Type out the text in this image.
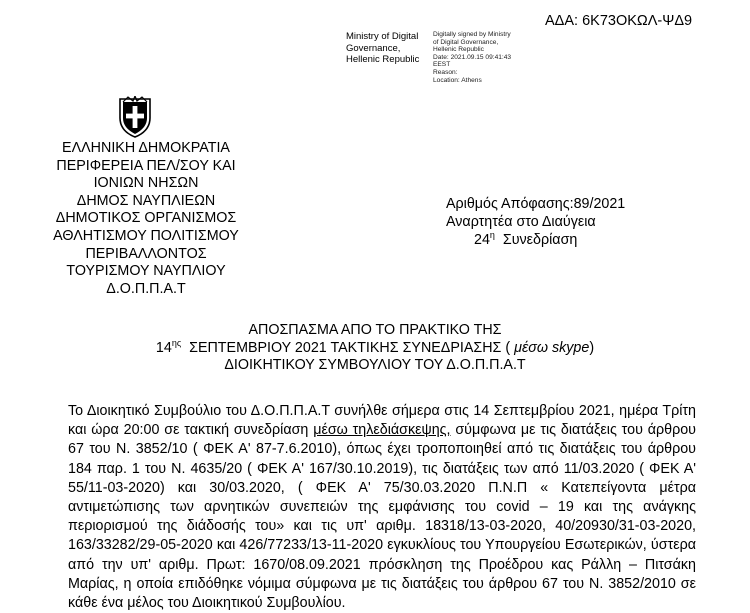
Ministry of Digital
Governance,
Hellenic Republic
Digitally signed by Ministry
of Digital Governance,
Hellenic Republic
Date: 2021.09.15 09:41:43
EEST
Reason:
Location: Athens
ΑΔΑ: 6Κ73ΟΚΩΛ-ΨΔ9
ΕΛΛΗΝΙΚΗ ΔΗΜΟΚΡΑΤΙΑ
ΠΕΡΙΦΕΡΕΙΑ ΠΕΛ/ΣΟΥ ΚΑΙ
ΙΟΝΙΩΝ ΝΗΣΩΝ
ΔΗΜΟΣ ΝΑΥΠΛΙΕΩΝ
ΔΗΜΟΤΙΚΟΣ ΟΡΓΑΝΙΣΜΟΣ
ΑΘΛΗΤΙΣΜΟΥ ΠΟΛΙΤΙΣΜΟΥ
ΠΕΡΙΒΑΛΛΟΝΤΟΣ
ΤΟΥΡΙΣΜΟΥ ΝΑΥΠΛΙΟΥ
Δ.Ο.Π.Π.Α.Τ
Αριθμός Απόφασης:89/2021
Αναρτητέα στο Διαύγεια
$24^\eta$  Συνεδρίαση
ΑΠΟΣΠΑΣΜΑ ΑΠΟ ΤΟ ΠΡΑΚΤΙΚΟ ΤΗΣ
$14^{\eta\varsigma}$  ΣΕΠΤΕΜΒΡΙΟΥ 2021 ΤΑΚΤΙΚΗΣ ΣΥΝΕΔΡΙΑΣΗΣ ( μέσω skype)
ΔΙΟΙΚΗΤΙΚΟΥ ΣΥΜΒΟΥΛΙΟΥ ΤΟΥ Δ.Ο.Π.Π.Α.Τ

Το Διοικητικό Συμβούλιο του Δ.Ο.Π.Π.Α.Τ συνήλθε σήμερα στις 14 Σεπτεμβρίου 2021, ημέρα Τρίτη και ώρα 20:00 σε τακτική συνεδρίαση μέσω τηλεδιάσκεψης, σύμφωνα με τις διατάξεις του άρθρου 67 του Ν. 3852/10 ( ΦΕΚ Α' 87-7.6.2010), όπως έχει τροποποιηθεί από τις διατάξεις του άρθρου 184 παρ. 1 του Ν. 4635/20 ( ΦΕΚ Α' 167/30.10.2019), τις διατάξεις των από 11/03.2020 ( ΦΕΚ Α' 55/11-03-2020) και 30/03.2020, ( ΦΕΚ Α' 75/30.03.2020 Π.Ν.Π « Κατεπείγοντα μέτρα αντιμετώπισης των αρνητικών συνεπειών της εμφάνισης του covid – 19 και της ανάγκης περιορισμού της διάδοσής του» και τις υπ' αριθμ. 18318/13-03-2020, 40/20930/31-03-2020, 163/33282/29-05-2020 και 426/77233/13-11-2020 εγκυκλίους του Υπουργείου Εσωτερικών, ύστερα από την υπ' αριθμ. Πρωτ: 1670/08.09.2021 πρόσκληση της Προέδρου κας Ράλλη – Πιτσάκη Μαρίας, η οποία επιδόθηκε νόμιμα σύμφωνα με τις διατάξεις του άρθρου 67 του Ν. 3852/2010 σε κάθε ένα μέλος του Διοικητικού Συμβουλίου.
